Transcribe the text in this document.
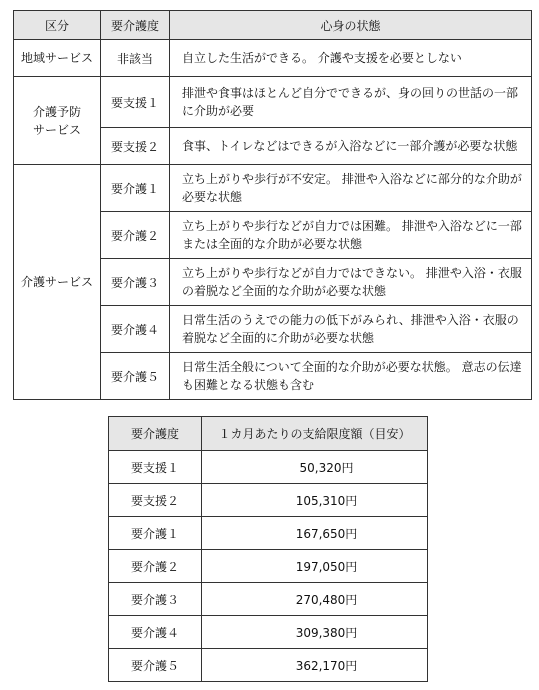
区分	要介護度	心身の状態
地域サービス	非該当	自立した生活ができる。 介護や支援を必要としない
介護予防
サービス	要支援１	排泄や食事はほとんど自分でできるが、身の回りの世話の一部に介助が必要
	要支援２	食事、トイレなどはできるが入浴などに一部介護が必要な状態
介護サービス	要介護１	立ち上がりや歩行が不安定。 排泄や入浴などに部分的な介助が必要な状態
	要介護２	立ち上がりや歩行などが自力では困難。 排泄や入浴などに一部または全面的な介助が必要な状態
	要介護３	立ち上がりや歩行などが自力ではできない。 排泄や入浴・衣服の着脱など全面的な介助が必要な状態
	要介護４	日常生活のうえでの能力の低下がみられ、排泄や入浴・衣服の着脱など全面的に介助が必要な状態
	要介護５	日常生活全般について全面的な介助が必要な状態。 意志の伝達も困難となる状態も含む
要介護度	１カ月あたりの支給限度額（目安）
要支援１	50,320円
要支援２	105,310円
要介護１	167,650円
要介護２	197,050円
要介護３	270,480円
要介護４	309,380円
要介護５	362,170円
